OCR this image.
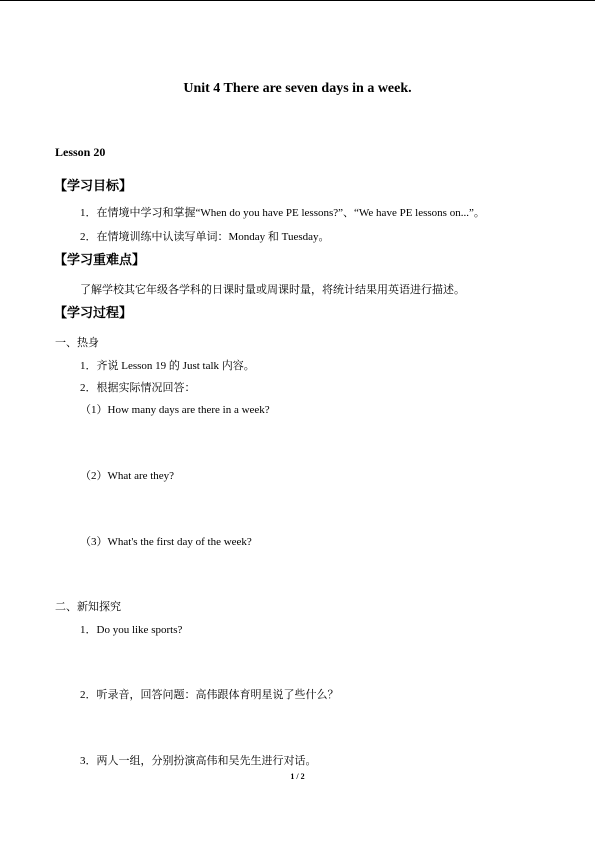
Unit 4 There are seven days in a week.
Lesson 20
【学习目标】
1．在情境中学习和掌握“When do you have PE lessons?”、“We have PE lessons on...”。
2．在情境训练中认读写单词：Monday 和 Tuesday。
【学习重难点】
了解学校其它年级各学科的日课时量或周课时量，将统计结果用英语进行描述。
【学习过程】
一、热身
1．齐说 Lesson 19 的 Just talk 内容。
2．根据实际情况回答：
（1）How many days are there in a week?
（2）What are they?
（3）What's the first day of the week?
二、新知探究
1．Do you like sports?
2．听录音，回答问题：高伟跟体育明星说了些什么？
3．两人一组，分别扮演高伟和吴先生进行对话。
1 / 2
